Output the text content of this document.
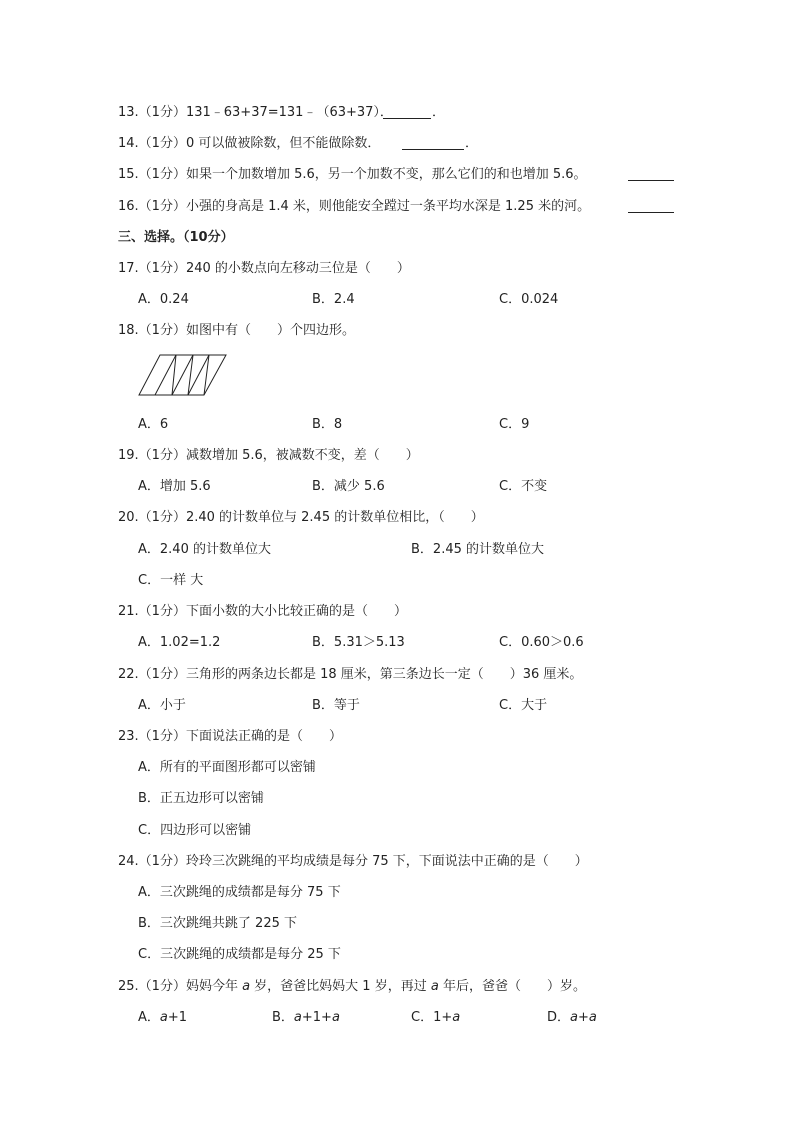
13.（1分）131﹣63+37=131﹣（63+37）．	．
14.（1分）0 可以做被除数，但不能做除数．	．
15.（1分）如果一个加数增加 5.6，另一个加数不变，那么它们的和也增加 5.6。
16.（1分）小强的身高是 1.4 米，则他能安全蹚过一条平均水深是 1.25 米的河。
三、选择。（10分）
17.（1分）240 的小数点向左移动三位是（　　）
A．0.24	B．2.4	C．0.024
18.（1分）如图中有（　　）个四边形。
A．6	B．8	C．9
19.（1分）减数增加 5.6，被减数不变，差（　　）
A．增加 5.6	B．减少 5.6	C．不变
20.（1分）2.40 的计数单位与 2.45 的计数单位相比，（　　）
A．2.40 的计数单位大	B．2.45 的计数单位大
C．一样 大
21.（1分）下面小数的大小比较正确的是（　　）
A．1.02=1.2	B．5.31＞5.13	C．0.60＞0.6
22.（1分）三角形的两条边长都是 18 厘米，第三条边长一定（　　）36 厘米。
A．小于	B．等于	C．大于
23.（1分）下面说法正确的是（　　）
A．所有的平面图形都可以密铺
B．正五边形可以密铺
C．四边形可以密铺
24.（1分）玲玲三次跳绳的平均成绩是每分 75 下，下面说法中正确的是（　　）
A．三次跳绳的成绩都是每分 75 下
B．三次跳绳共跳了 225 下
C．三次跳绳的成绩都是每分 25 下
25.（1分）妈妈今年 a 岁，爸爸比妈妈大 1 岁，再过 a 年后，爸爸（　　）岁。
A．a+1	B．a+1+a	C．1+a	D．a+a
